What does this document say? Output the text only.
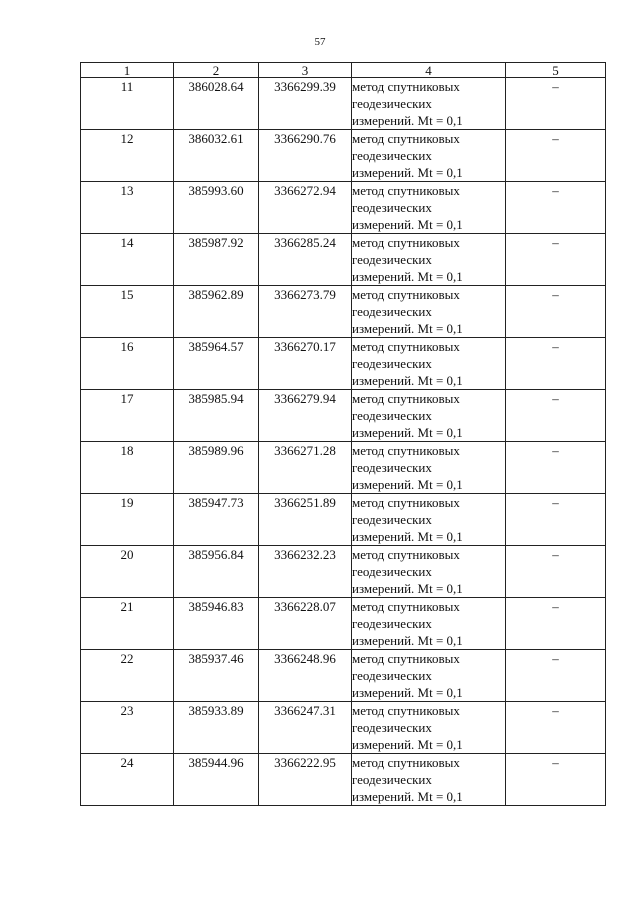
57
1	2	3	4	5
11	386028.64	3366299.39	метод спутниковых
геодезических
измерений. Mt = 0,1	–
12	386032.61	3366290.76	метод спутниковых
геодезических
измерений. Mt = 0,1	–
13	385993.60	3366272.94	метод спутниковых
геодезических
измерений. Mt = 0,1	–
14	385987.92	3366285.24	метод спутниковых
геодезических
измерений. Mt = 0,1	–
15	385962.89	3366273.79	метод спутниковых
геодезических
измерений. Mt = 0,1	–
16	385964.57	3366270.17	метод спутниковых
геодезических
измерений. Mt = 0,1	–
17	385985.94	3366279.94	метод спутниковых
геодезических
измерений. Mt = 0,1	–
18	385989.96	3366271.28	метод спутниковых
геодезических
измерений. Mt = 0,1	–
19	385947.73	3366251.89	метод спутниковых
геодезических
измерений. Mt = 0,1	–
20	385956.84	3366232.23	метод спутниковых
геодезических
измерений. Mt = 0,1	–
21	385946.83	3366228.07	метод спутниковых
геодезических
измерений. Mt = 0,1	–
22	385937.46	3366248.96	метод спутниковых
геодезических
измерений. Mt = 0,1	–
23	385933.89	3366247.31	метод спутниковых
геодезических
измерений. Mt = 0,1	–
24	385944.96	3366222.95	метод спутниковых
геодезических
измерений. Mt = 0,1	–
